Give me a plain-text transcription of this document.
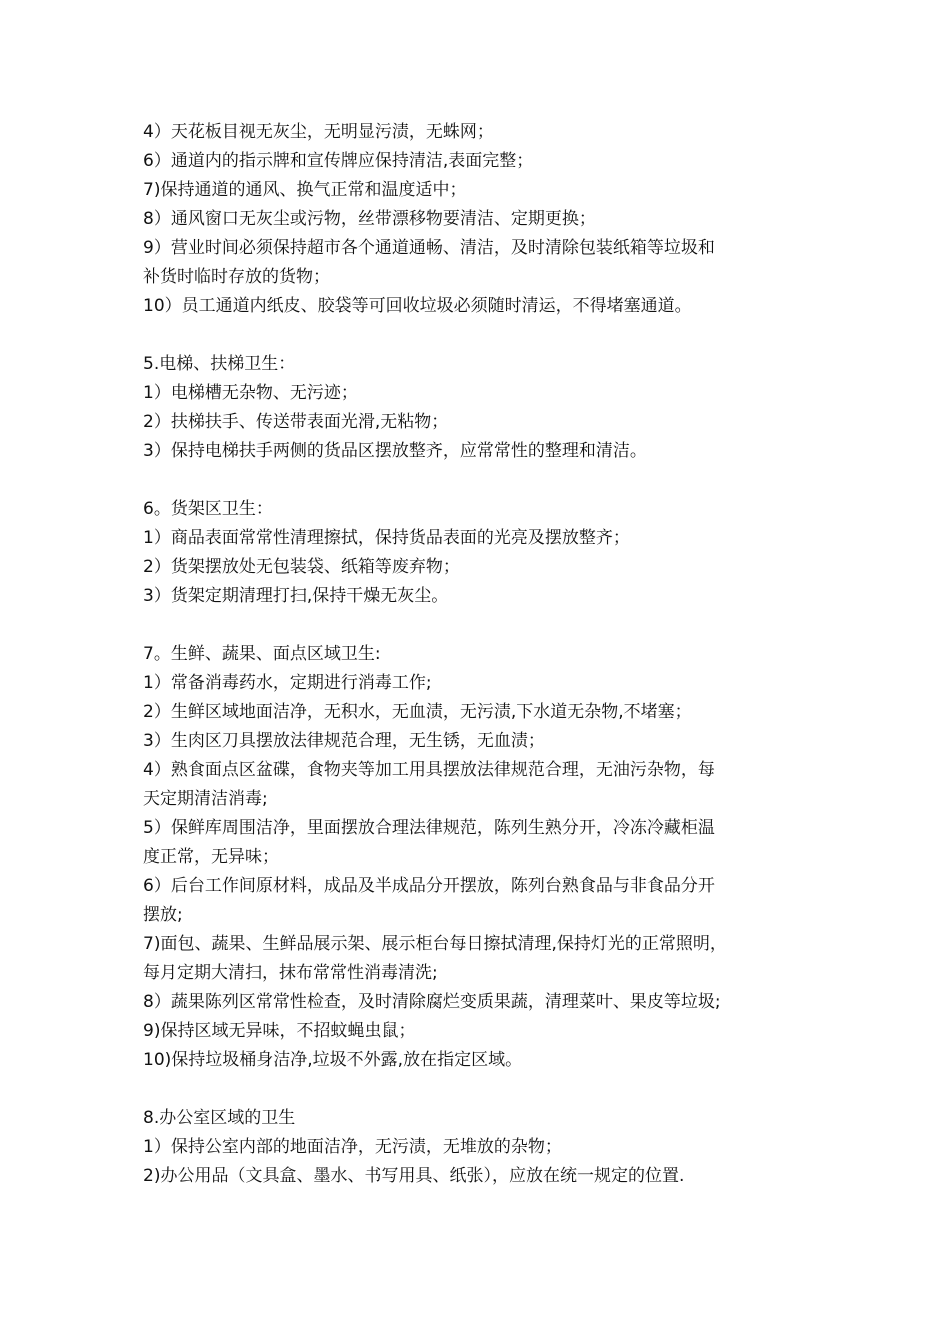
4）天花板目视无灰尘，无明显污渍，无蛛网；

6）通道内的指示牌和宣传牌应保持清洁,表面完整；

7)保持通道的通风、换气正常和温度适中；

8）通风窗口无灰尘或污物，丝带漂移物要清洁、定期更换；

9）营业时间必须保持超市各个通道通畅、清洁，及时清除包装纸箱等垃圾和

补货时临时存放的货物；

10）员工通道内纸皮、胶袋等可回收垃圾必须随时清运，不得堵塞通道。

5.电梯、扶梯卫生：

1）电梯槽无杂物、无污迹；

2）扶梯扶手、传送带表面光滑,无粘物；

3）保持电梯扶手两侧的货品区摆放整齐，应常常性的整理和清洁。

6。货架区卫生：

1）商品表面常常性清理擦拭，保持货品表面的光亮及摆放整齐；

2）货架摆放处无包装袋、纸箱等废弃物；

3）货架定期清理打扫,保持干燥无灰尘。

7。生鲜、蔬果、面点区域卫生:

1）常备消毒药水，定期进行消毒工作;

2）生鲜区域地面洁净，无积水，无血渍，无污渍,下水道无杂物,不堵塞；

3）生肉区刀具摆放法律规范合理，无生锈，无血渍；

4）熟食面点区盆碟，食物夹等加工用具摆放法律规范合理，无油污杂物，每

天定期清洁消毒;

5）保鲜库周围洁净，里面摆放合理法律规范，陈列生熟分开，冷冻冷藏柜温

度正常，无异味；

6）后台工作间原材料，成品及半成品分开摆放，陈列台熟食品与非食品分开

摆放;

7)面包、蔬果、生鲜品展示架、展示柜台每日擦拭清理,保持灯光的正常照明，

每月定期大清扫，抹布常常性消毒清洗;

8）蔬果陈列区常常性检查，及时清除腐烂变质果蔬，清理菜叶、果皮等垃圾;

9)保持区域无异味，不招蚊蝇虫鼠；

10)保持垃圾桶身洁净,垃圾不外露,放在指定区域。

8.办公室区域的卫生

1）保持公室内部的地面洁净，无污渍，无堆放的杂物；

2)办公用品（文具盒、墨水、书写用具、纸张），应放在统一规定的位置.
